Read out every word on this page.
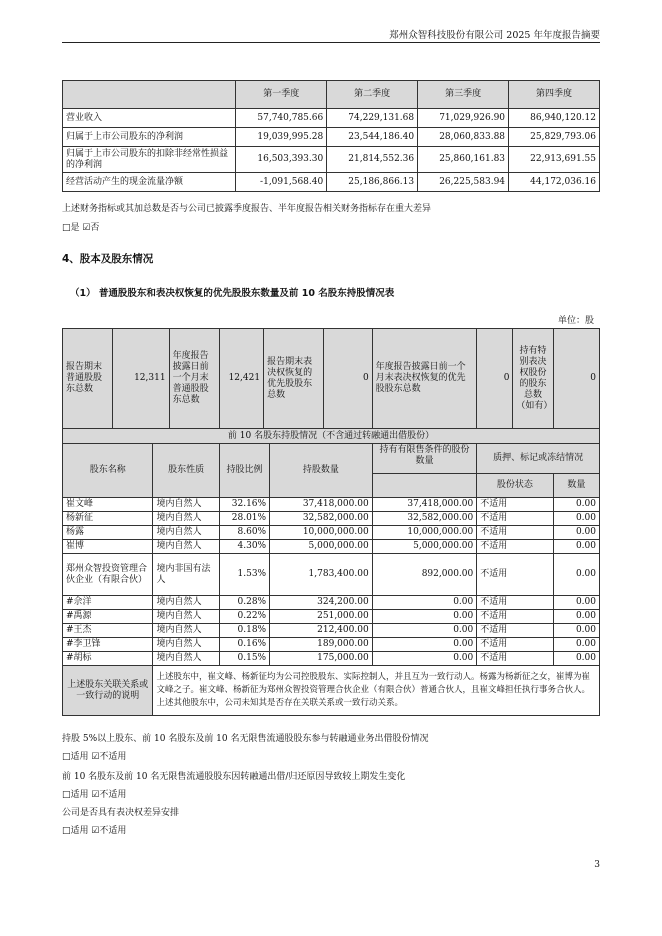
郑州众智科技股份有限公司 2025 年年度报告摘要
	第一季度	第二季度	第三季度	第四季度
营业收入	57,740,785.66	74,229,131.68	71,029,926.90	86,940,120.12
归属于上市公司股东的净利润	19,039,995.28	23,544,186.40	28,060,833.88	25,829,793.06
归属于上市公司股东的扣除非经常性损益的净利润	16,503,393.30	21,814,552.36	25,860,161.83	22,913,691.55
经营活动产生的现金流量净额	-1,091,568.40	25,186,866.13	26,225,583.94	44,172,036.16
上述财务指标或其加总数是否与公司已披露季度报告、半年度报告相关财务指标存在重大差异
□是 ☑否
4、股本及股东情况
（1） 普通股股东和表决权恢复的优先股股东数量及前 10 名股东持股情况表
单位：股
报告期末普通股股东总数	12,311		年度报告披露日前一个月末普通股股东总数	12,421	报告期末表决权恢复的优先股股东总数		0	年度报告披露日前一个月末表决权恢复的优先股股东总数	0	持有特别表决权股份的股东总数（如有）	0
前 10 名股东持股情况（不含通过转融通出借股份）											
股东名称		股东性质		持股比例		持股数量		持有有限售条件的股份数量	质押、标记或冻结情况		
									股份状态		数量
崔文峰		境内自然人		32.16%		37,418,000.00		37,418,000.00	不适用		0.00
杨新征		境内自然人		28.01%		32,582,000.00		32,582,000.00	不适用		0.00
杨露		境内自然人		8.60%		10,000,000.00		10,000,000.00	不适用		0.00
崔博		境内自然人		4.30%		5,000,000.00		5,000,000.00	不适用		0.00
郑州众智投资管理合伙企业（有限合伙）		境内非国有法人		1.53%		1,783,400.00		892,000.00	不适用		0.00
#佘洋		境内自然人		0.28%		324,200.00		0.00	不适用		0.00
#禹源		境内自然人		0.22%		251,000.00		0.00	不适用		0.00
#王杰		境内自然人		0.18%		212,400.00		0.00	不适用		0.00
#李卫锋		境内自然人		0.16%		189,000.00		0.00	不适用		0.00
#胡标		境内自然人		0.15%		175,000.00		0.00	不适用		0.00
上述股东关联关系或一致行动的说明		上述股东中，崔文峰、杨新征均为公司控股股东、实际控制人，并且互为一致行动人。杨露为杨新征之女，崔博为崔文峰之子。崔文峰、杨新征为郑州众智投资管理合伙企业（有限合伙）普通合伙人，且崔文峰担任执行事务合伙人。上述其他股东中，公司未知其是否存在关联关系或一致行动关系。									
持股 5%以上股东、前 10 名股东及前 10 名无限售流通股股东参与转融通业务出借股份情况
□适用 ☑不适用
前 10 名股东及前 10 名无限售流通股股东因转融通出借/归还原因导致较上期发生变化
□适用 ☑不适用
公司是否具有表决权差异安排
□适用 ☑不适用
3
